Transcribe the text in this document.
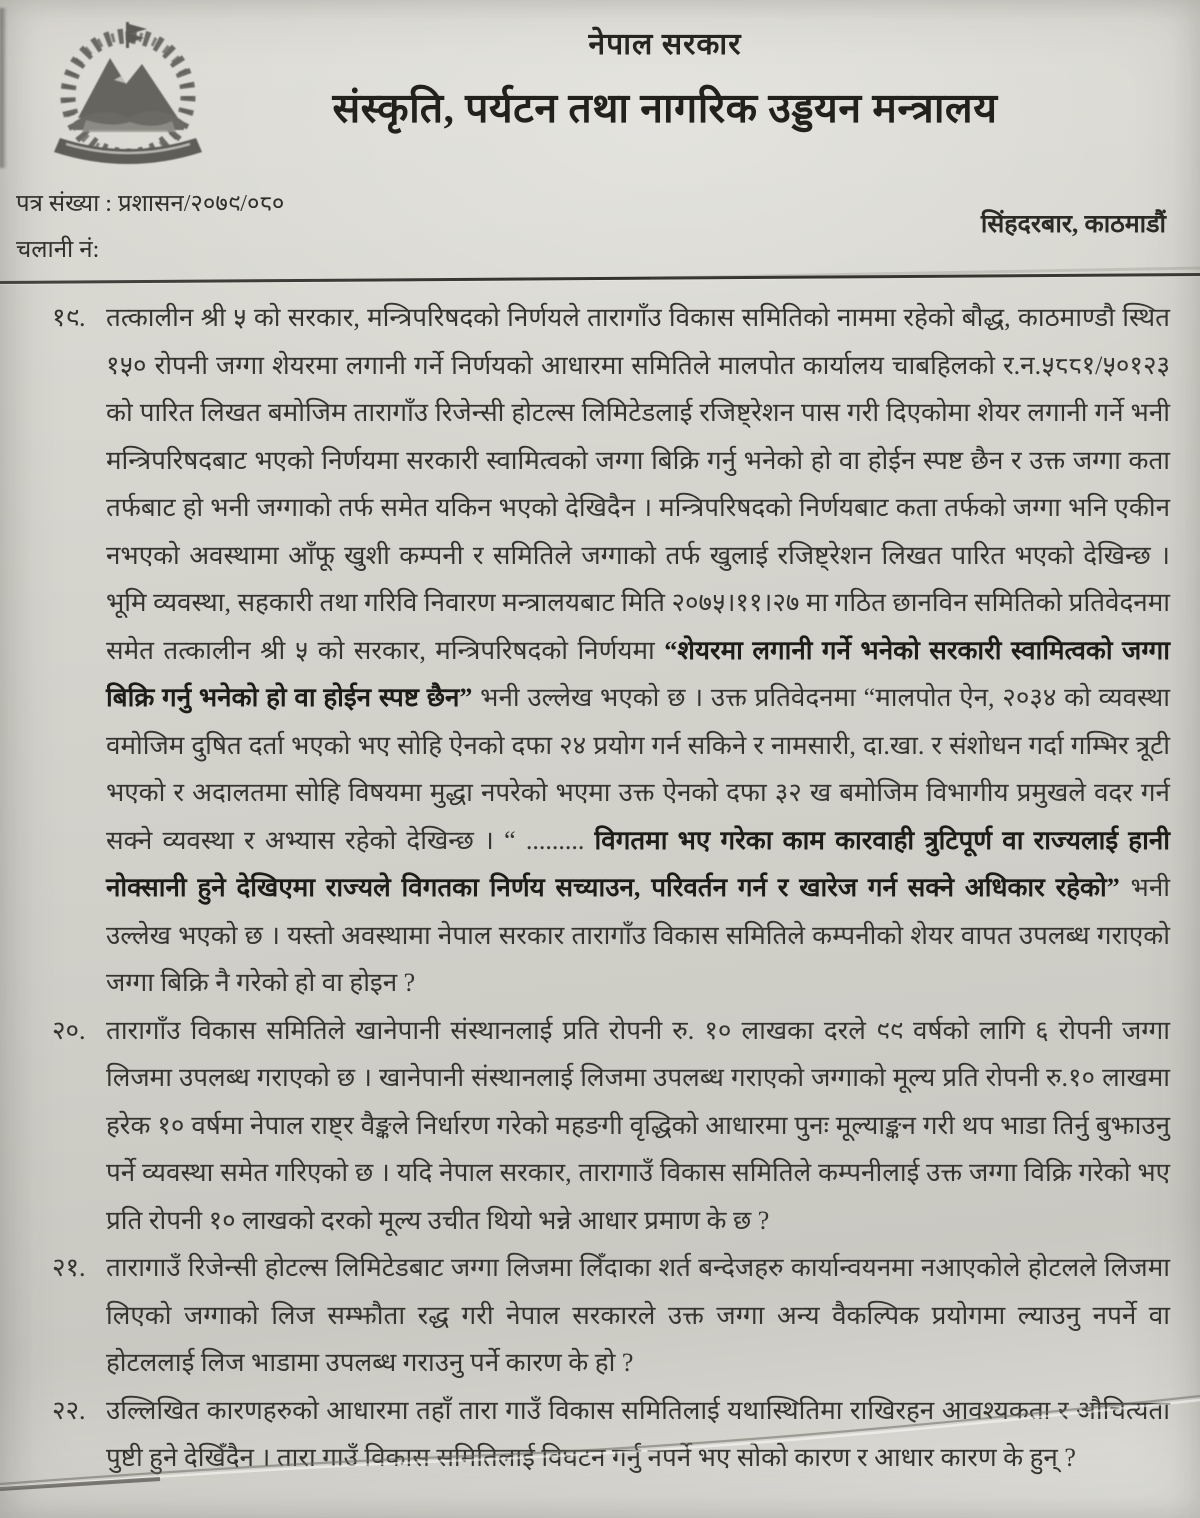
नेपाल सरकार
संस्कृति, पर्यटन तथा नागरिक उड्डयन मन्त्रालय
पत्र संख्या : प्रशासन/२०७९/०८०
चलानी नं:
सिंहदरबार, काठमाडौं
१९. तत्कालीन श्री ५ को सरकार, मन्त्रिपरिषदको निर्णयले तारागाँउ विकास समितिको नाममा रहेको बौद्ध, काठमाण्डौ स्थित १५० रोपनी जग्गा शेयरमा लगानी गर्ने निर्णयको आधारमा समितिले मालपोत कार्यालय चाबहिलको र.न.५८८१/५०१२३ को पारित लिखत बमोजिम तारागाँउ रिजेन्सी होटल्स लिमिटेडलाई रजिष्ट्रेशन पास गरी दिएकोमा शेयर लगानी गर्ने भनी मन्त्रिपरिषदबाट भएको निर्णयमा सरकारी स्वामित्वको जग्गा बिक्रि गर्नु भनेको हो वा होईन स्पष्ट छैन र उक्त जग्गा कता तर्फबाट हो भनी जग्गाको तर्फ समेत यकिन भएको देखिदैन । मन्त्रिपरिषदको निर्णयबाट कता तर्फको जग्गा भनि एकीन नभएको अवस्थामा आँफू खुशी कम्पनी र समितिले जग्गाको तर्फ खुलाई रजिष्ट्रेशन लिखत पारित भएको देखिन्छ । भूमि व्यवस्था, सहकारी तथा गरिवि निवारण मन्त्रालयबाट मिति २०७५।११।२७ मा गठित छानविन समितिको प्रतिवेदनमा समेत तत्कालीन श्री ५ को सरकार, मन्त्रिपरिषदको निर्णयमा “शेयरमा लगानी गर्ने भनेको सरकारी स्वामित्वको जग्गा बिक्रि गर्नु भनेको हो वा होईन स्पष्ट छैन” भनी उल्लेख भएको छ । उक्त प्रतिवेदनमा “मालपोत ऐन, २०३४ को व्यवस्था वमोजिम दुषित दर्ता भएको भए सोहि ऐनको दफा २४ प्रयोग गर्न सकिने र नामसारी, दा.खा. र संशोधन गर्दा गम्भिर त्रूटी भएको र अदालतमा सोहि विषयमा मुद्धा नपरेको भएमा उक्त ऐनको दफा ३२ ख बमोजिम विभागीय प्रमुखले वदर गर्न सक्ने व्यवस्था र अभ्यास रहेको देखिन्छ । “ ......... विगतमा भए गरेका काम कारवाही त्रुटिपूर्ण वा राज्यलाई हानी नोक्सानी हुने देखिएमा राज्यले विगतका निर्णय सच्याउन, परिवर्तन गर्न र खारेज गर्न सक्ने अधिकार रहेको” भनी उल्लेख भएको छ । यस्तो अवस्थामा नेपाल सरकार तारागाँउ विकास समितिले कम्पनीको शेयर वापत उपलब्ध गराएको जग्गा बिक्रि नै गरेको हो वा होइन ?
२०. तारागाँउ विकास समितिले खानेपानी संस्थानलाई प्रति रोपनी रु. १० लाखका दरले ९९ वर्षको लागि ६ रोपनी जग्गा लिजमा उपलब्ध गराएको छ । खानेपानी संस्थानलाई लिजमा उपलब्ध गराएको जग्गाको मूल्य प्रति रोपनी रु.१० लाखमा हरेक १० वर्षमा नेपाल राष्ट्र वैङ्कले निर्धारण गरेको महङगी वृद्धिको आधारमा पुनः मूल्याङ्कन गरी थप भाडा तिर्नु बुझाउनु पर्ने व्यवस्था समेत गरिएको छ । यदि नेपाल सरकार, तारागाउँ विकास समितिले कम्पनीलाई उक्त जग्गा विक्रि गरेको भए प्रति रोपनी १० लाखको दरको मूल्य उचीत थियो भन्ने आधार प्रमाण के छ ?
२१. तारागाउँ रिजेन्सी होटल्स लिमिटेडबाट जग्गा लिजमा लिँदाका शर्त बन्देजहरु कार्यान्वयनमा नआएकोले होटलले लिजमा लिएको जग्गाको लिज सम्झौता रद्ध गरी नेपाल सरकारले उक्त जग्गा अन्य वैकल्पिक प्रयोगमा ल्याउनु नपर्ने वा होटललाई लिज भाडामा उपलब्ध गराउनु पर्ने कारण के हो ?
२२. उल्लिखित कारणहरुको आधारमा तहाँ तारा गाउँ विकास समितिलाई यथास्थितिमा राखिरहन आवश्यकता र औचित्यता पुष्टी हुने देखिँदैन । तारा गाउँ विकास समितिलाई विघटन गर्नु नपर्ने भए सोको कारण र आधार कारण के हुन् ?
